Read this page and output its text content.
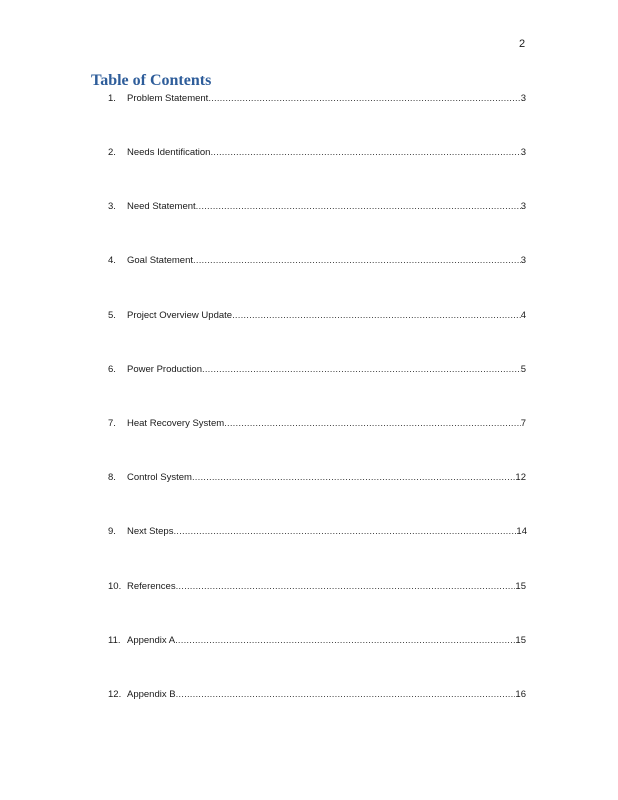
2
Table of Contents
1.	Problem Statement .....	3
2.	Needs Identification .....	3
3.	Need Statement .....	3
4.	Goal Statement .....	3
5.	Project Overview Update .....	4
6.	Power Production .....	5
7.	Heat Recovery System .....	7
8.	Control System .....	12
9.	Next Steps .....	14
10. References .....	15
11. Appendix A .....	15
12. Appendix B .....	16
